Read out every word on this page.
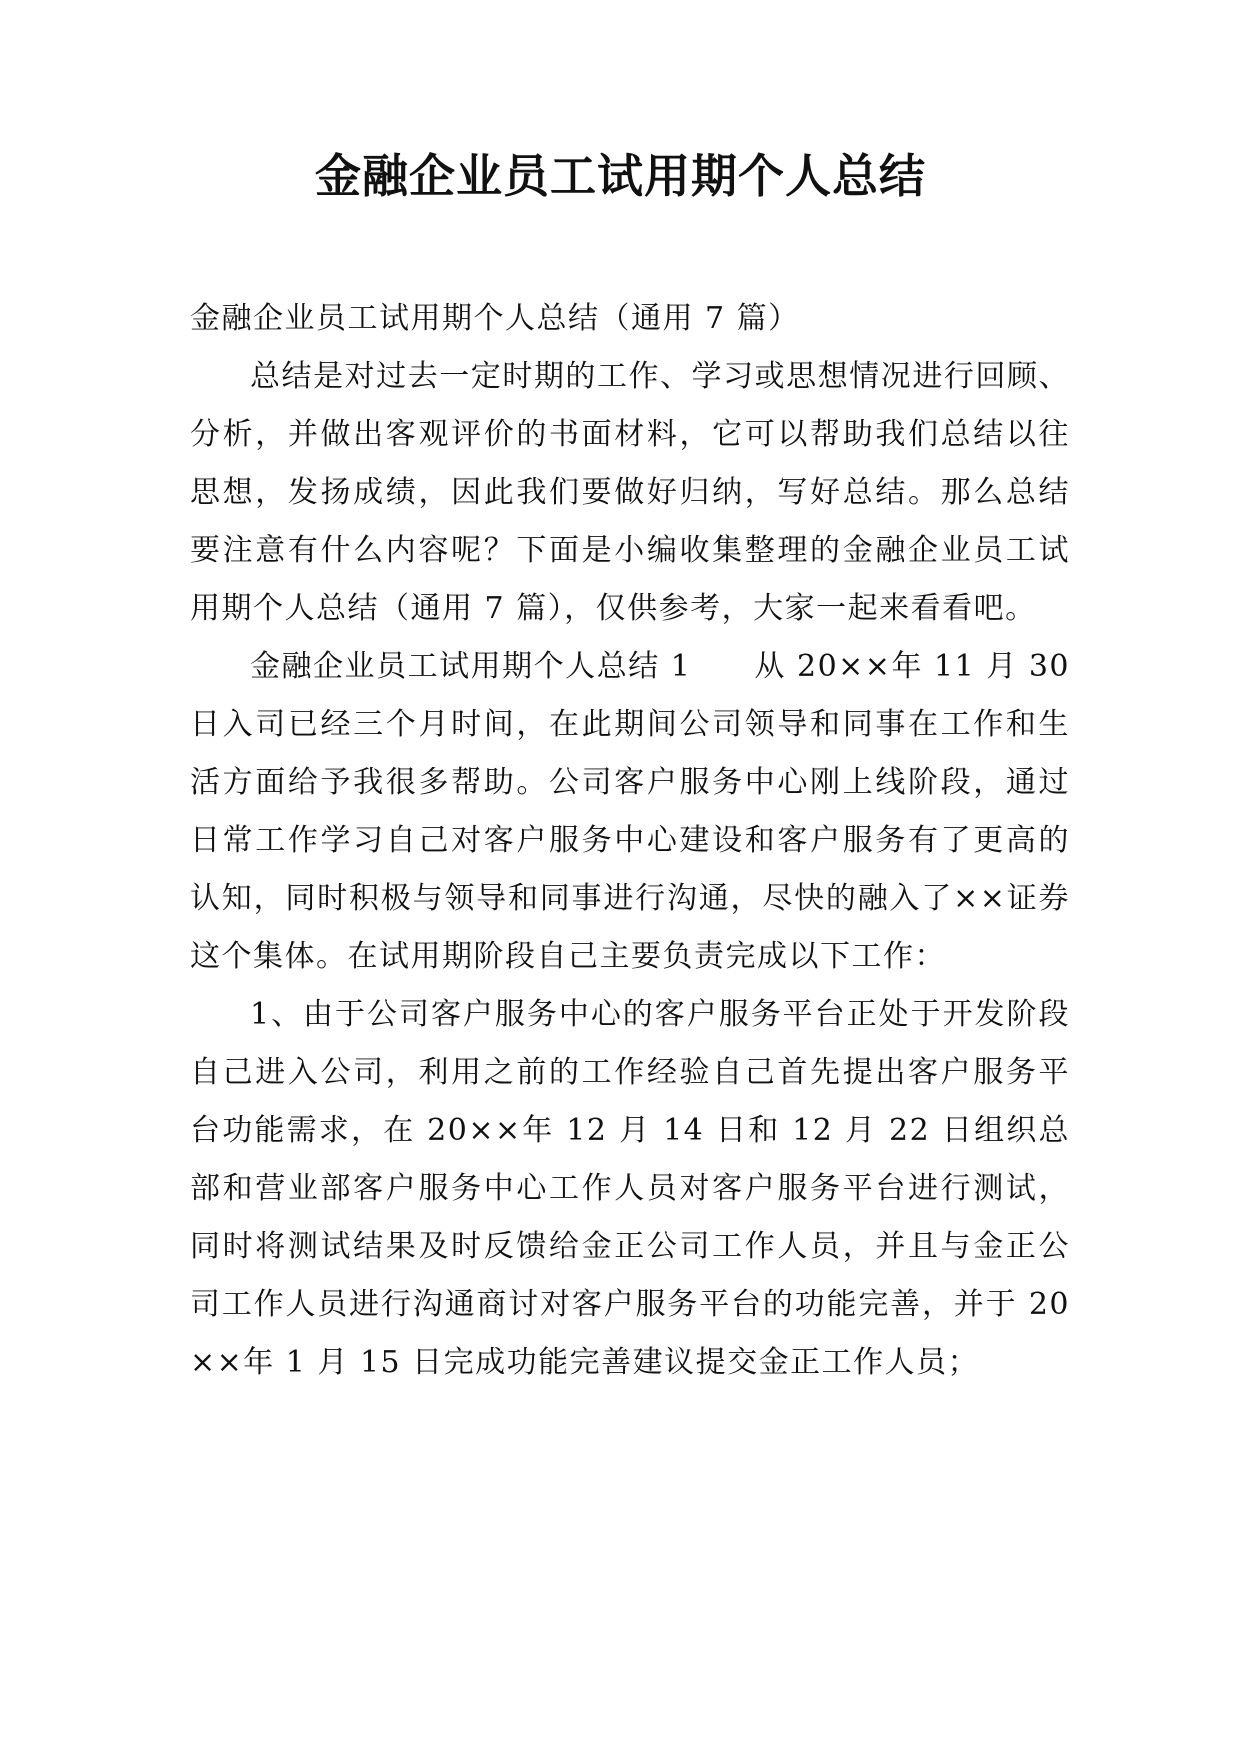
金融企业员工试用期个人总结

金融企业员工试用期个人总结（通用 7 篇）

总结是对过去一定时期的工作、学习或思想情况进行回顾、分析，并做出客观评价的书面材料，它可以帮助我们总结以往思想，发扬成绩，因此我们要做好归纳，写好总结。那么总结要注意有什么内容呢？下面是小编收集整理的金融企业员工试用期个人总结（通用 7 篇），仅供参考，大家一起来看看吧。

金融企业员工试用期个人总结 1　　从 20××年 11 月 30 日入司已经三个月时间，在此期间公司领导和同事在工作和生活方面给予我很多帮助。公司客户服务中心刚上线阶段，通过日常工作学习自己对客户服务中心建设和客户服务有了更高的认知，同时积极与领导和同事进行沟通，尽快的融入了××证券这个集体。在试用期阶段自己主要负责完成以下工作：

1、由于公司客户服务中心的客户服务平台正处于开发阶段自己进入公司，利用之前的工作经验自己首先提出客户服务平台功能需求，在 20××年 12 月 14 日和 12 月 22 日组织总部和营业部客户服务中心工作人员对客户服务平台进行测试，同时将测试结果及时反馈给金正公司工作人员，并且与金正公司工作人员进行沟通商讨对客户服务平台的功能完善，并于 20××年 1 月 15 日完成功能完善建议提交金正工作人员；
